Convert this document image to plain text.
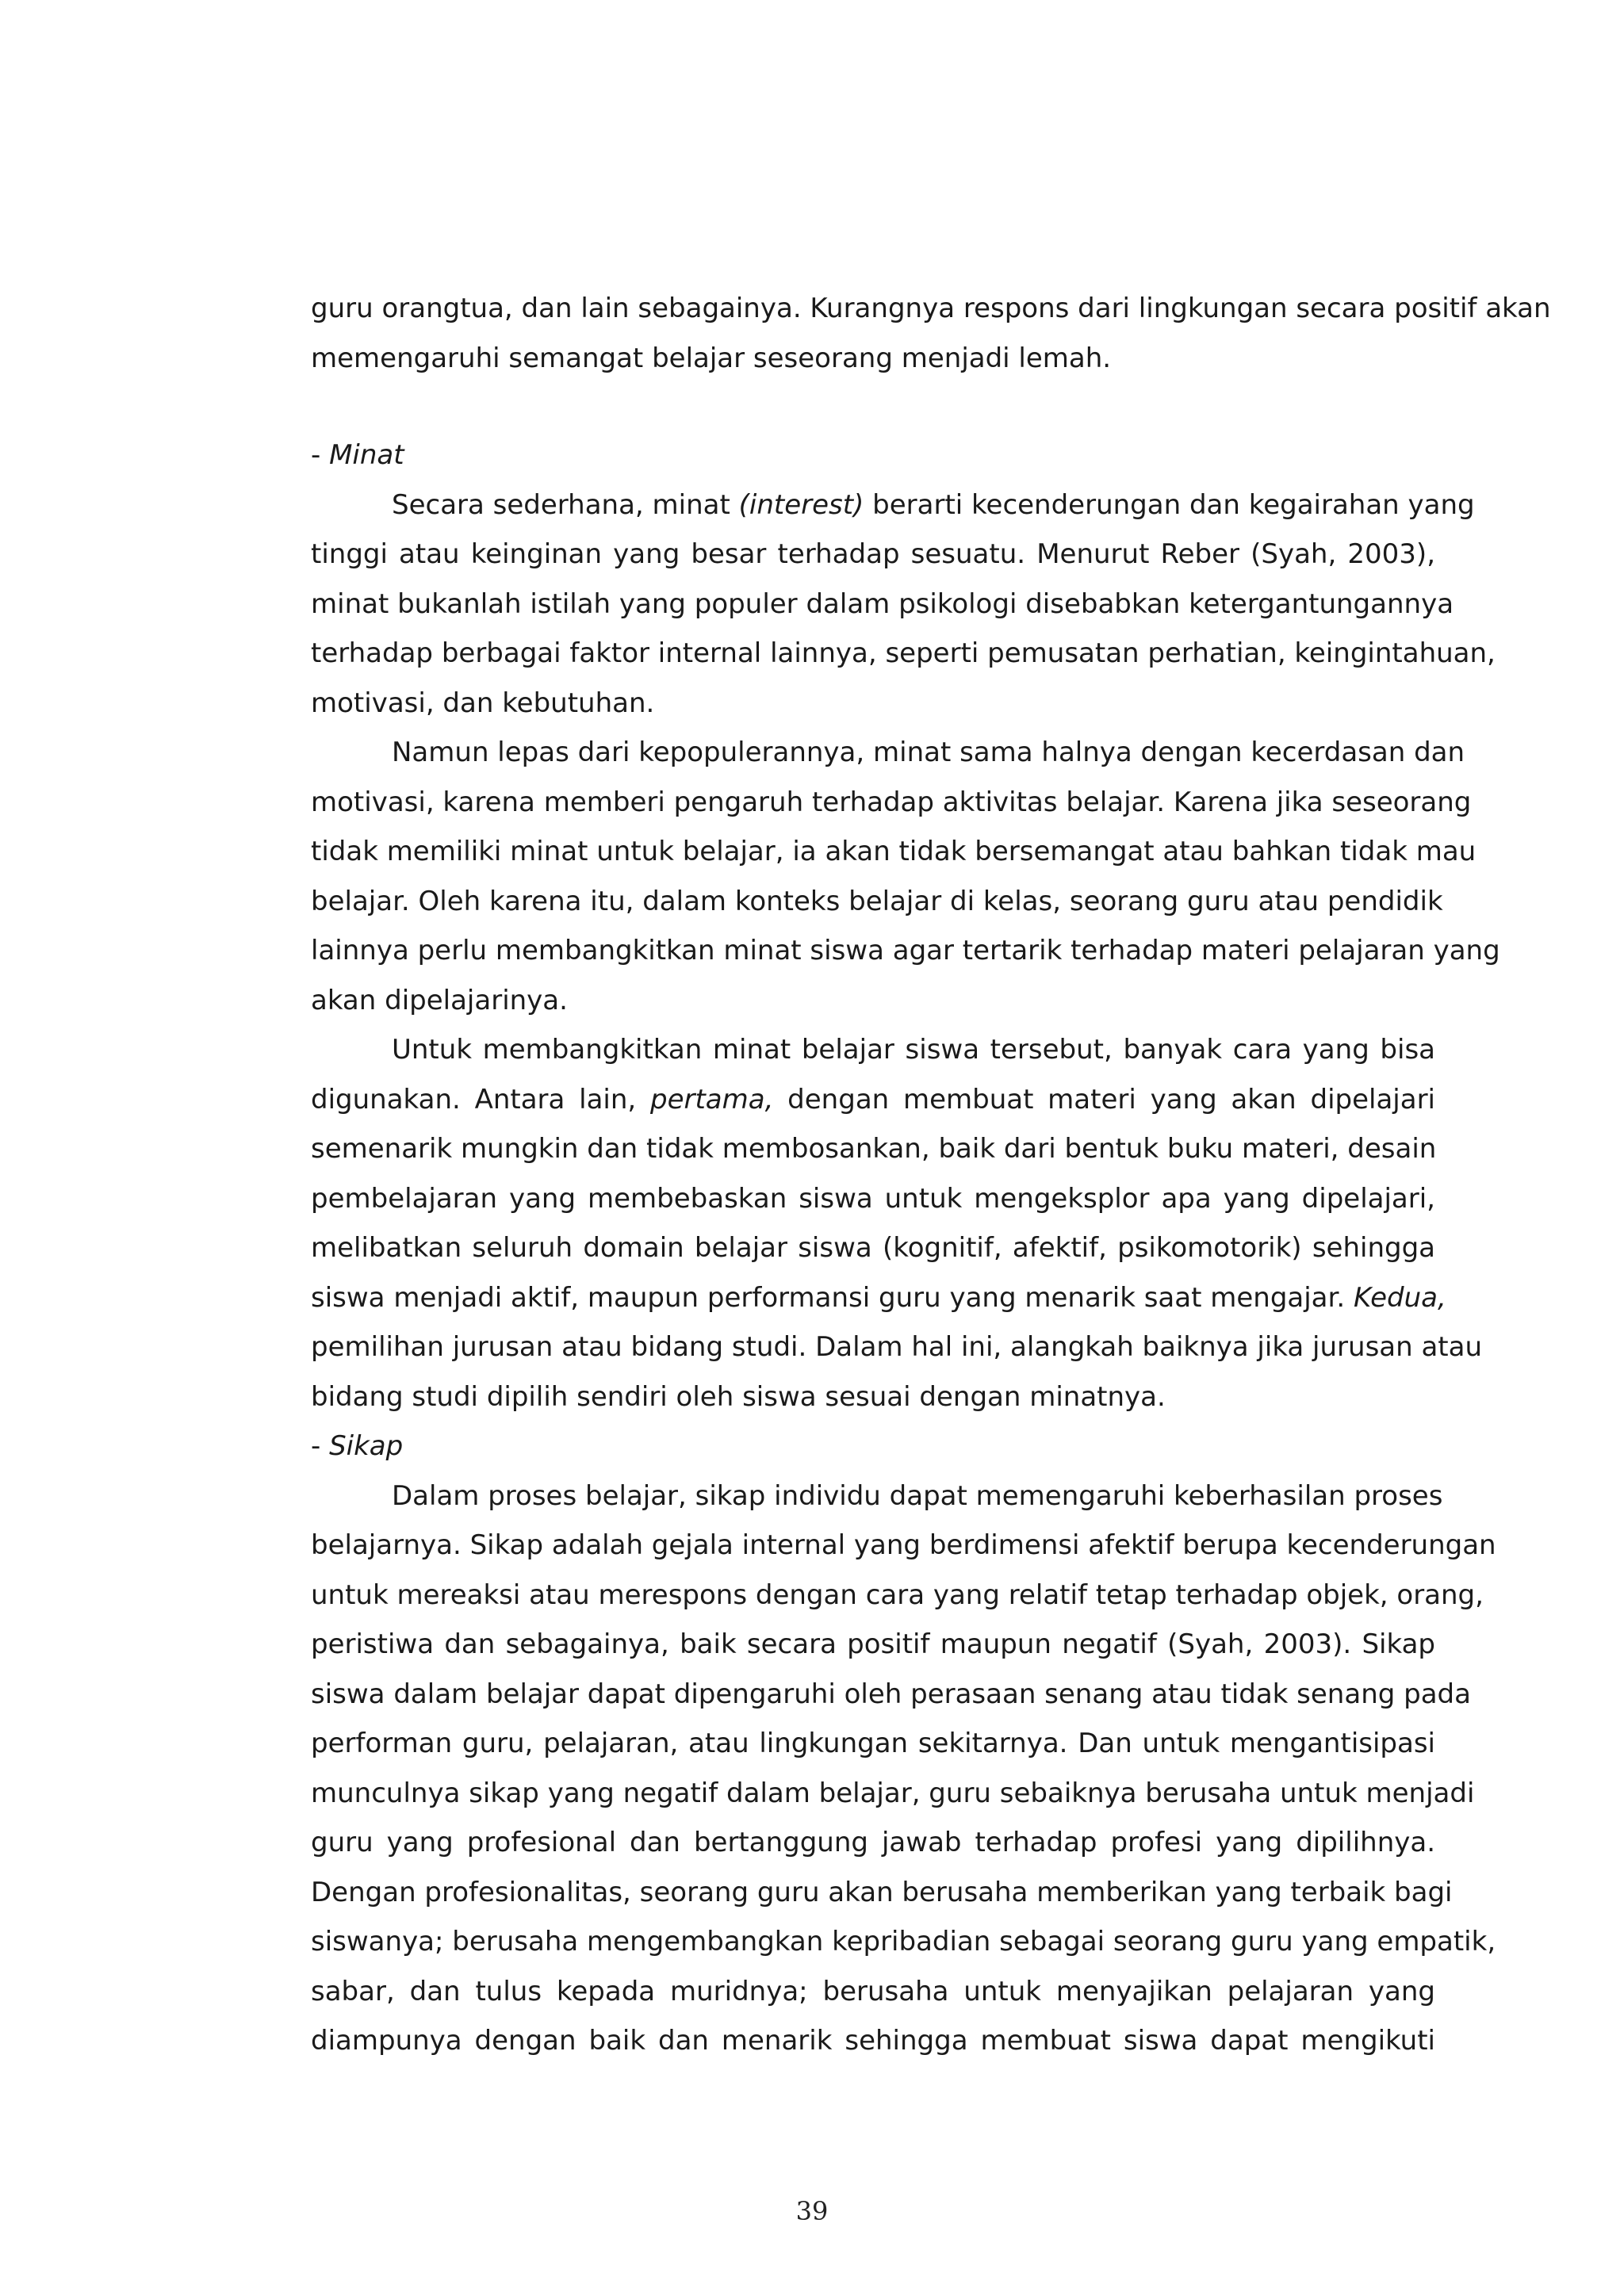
guru orangtua, dan lain sebagainya. Kurangnya respons dari lingkungan secara positif akan
memengaruhi semangat belajar seseorang menjadi lemah.
- Minat
Secara sederhana, minat (interest) berarti kecenderungan dan kegairahan yang
tinggi atau keinginan yang besar terhadap sesuatu. Menurut Reber (Syah, 2003),
minat bukanlah istilah yang populer dalam psikologi disebabkan ketergantungannya
terhadap berbagai faktor internal lainnya, seperti pemusatan perhatian, keingintahuan,
motivasi, dan kebutuhan.
Namun lepas dari kepopulerannya, minat sama halnya dengan kecerdasan dan
motivasi, karena memberi pengaruh terhadap aktivitas belajar. Karena jika seseorang
tidak memiliki minat untuk belajar, ia akan tidak bersemangat atau bahkan tidak mau
belajar. Oleh karena itu, dalam konteks belajar di kelas, seorang guru atau pendidik
lainnya perlu membangkitkan minat siswa agar tertarik terhadap materi pelajaran yang
akan dipelajarinya.
Untuk membangkitkan minat belajar siswa tersebut, banyak cara yang bisa
digunakan. Antara lain, pertama, dengan membuat materi yang akan dipelajari
semenarik mungkin dan tidak membosankan, baik dari bentuk buku materi, desain
pembelajaran yang membebaskan siswa untuk mengeksplor apa yang dipelajari,
melibatkan seluruh domain belajar siswa (kognitif, afektif, psikomotorik) sehingga
siswa menjadi aktif, maupun performansi guru yang menarik saat mengajar. Kedua,
pemilihan jurusan atau bidang studi. Dalam hal ini, alangkah baiknya jika jurusan atau
bidang studi dipilih sendiri oleh siswa sesuai dengan minatnya.
- Sikap
Dalam proses belajar, sikap individu dapat memengaruhi keberhasilan proses
belajarnya. Sikap adalah gejala internal yang berdimensi afektif berupa kecenderungan
untuk mereaksi atau merespons dengan cara yang relatif tetap terhadap objek, orang,
peristiwa dan sebagainya, baik secara positif maupun negatif (Syah, 2003). Sikap
siswa dalam belajar dapat dipengaruhi oleh perasaan senang atau tidak senang pada
performan guru, pelajaran, atau lingkungan sekitarnya. Dan untuk mengantisipasi
munculnya sikap yang negatif dalam belajar, guru sebaiknya berusaha untuk menjadi
guru yang profesional dan bertanggung jawab terhadap profesi yang dipilihnya.
Dengan profesionalitas, seorang guru akan berusaha memberikan yang terbaik bagi
siswanya; berusaha mengembangkan kepribadian sebagai seorang guru yang empatik,
sabar, dan tulus kepada muridnya; berusaha untuk menyajikan pelajaran yang
diampunya dengan baik dan menarik sehingga membuat siswa dapat mengikuti
39
